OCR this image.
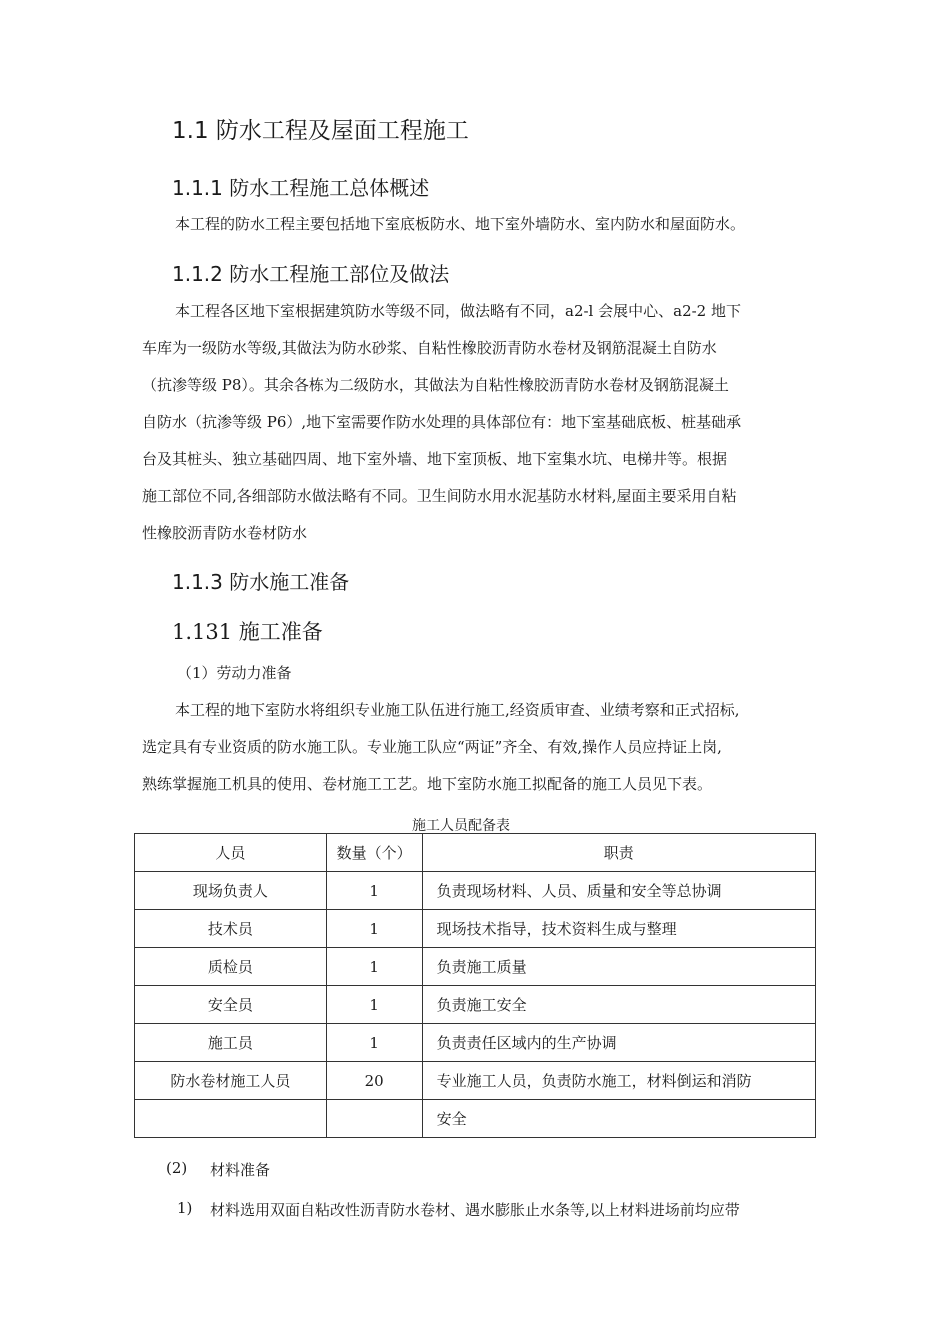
1.1 防水工程及屋面工程施工
1.1.1 防水工程施工总体概述
本工程的防水工程主要包括地下室底板防水、地下室外墙防水、室内防水和屋面防水。
1.1.2 防水工程施工部位及做法
本工程各区地下室根据建筑防水等级不同，做法略有不同，a2-l 会展中心、a2-2 地下
车库为一级防水等级,其做法为防水砂浆、自粘性橡胶沥青防水卷材及钢筋混凝土自防水
（抗渗等级 P8）。其余各栋为二级防水，其做法为自粘性橡胶沥青防水卷材及钢筋混凝土
自防水（抗渗等级 P6）,地下室需要作防水处理的具体部位有：地下室基础底板、桩基础承
台及其桩头、独立基础四周、地下室外墙、地下室顶板、地下室集水坑、电梯井等。根据
施工部位不同,各细部防水做法略有不同。卫生间防水用水泥基防水材料,屋面主要采用自粘
性橡胶沥青防水卷材防水
1.1.3 防水施工准备
1.131 施工准备
（1）劳动力准备
本工程的地下室防水将组织专业施工队伍进行施工,经资质审查、业绩考察和正式招标,
选定具有专业资质的防水施工队。专业施工队应“两证”齐全、有效,操作人员应持证上岗,
熟练掌握施工机具的使用、卷材施工工艺。地下室防水施工拟配备的施工人员见下表。
施工人员配备表
人员	数量（个）	职责
现场负责人	1	负责现场材料、人员、质量和安全等总协调
技术员	1	现场技术指导，技术资料生成与整理
质检员	1	负责施工质量
安全员	1	负责施工安全
施工员	1	负责责任区域内的生产协调
防水卷材施工人员	20	专业施工人员，负责防水施工，材料倒运和消防
		安全
(2) 材料准备
1) 材料选用双面自粘改性沥青防水卷材、遇水膨胀止水条等,以上材料进场前均应带
